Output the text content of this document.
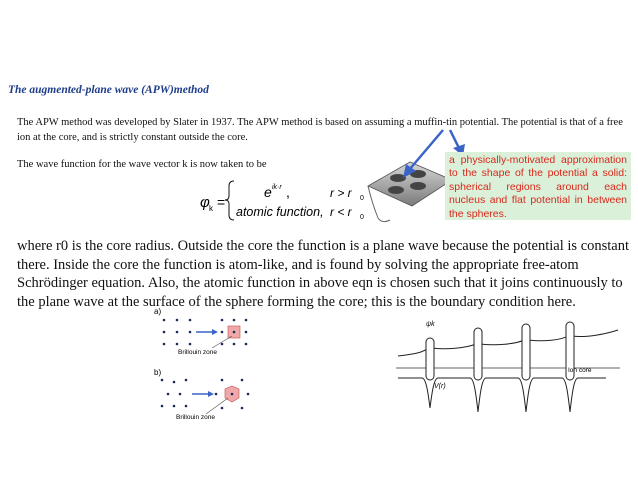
The augmented-plane wave (APW)method
The APW method was developed by Slater in 1937. The APW method is based on assuming a muffin-tin potential. The potential is that of a free ion at the core, and is strictly constant outside the core.
The wave function for the wave vector k is now taken to be
φ k =
e ik·r ,	r > r 0
atomic function, r < r 0
a physically-motivated approximation to the shape of the potential a solid: spherical regions around each nucleus and flat potential in between the spheres.
where r0 is the core radius. Outside the core the function is a plane wave because the potential is constant there. Inside the core the function is atom-like, and is found by solving the appropriate free-atom Schrödinger equation. Also, the atomic function in above eqn is chosen such that it joins continuously to the plane wave at the surface of the sphere forming the core; this is the boundary condition here.
a)
b)
Brillouin zone
Brillouin zone
ψk
V(r)
Ion core
